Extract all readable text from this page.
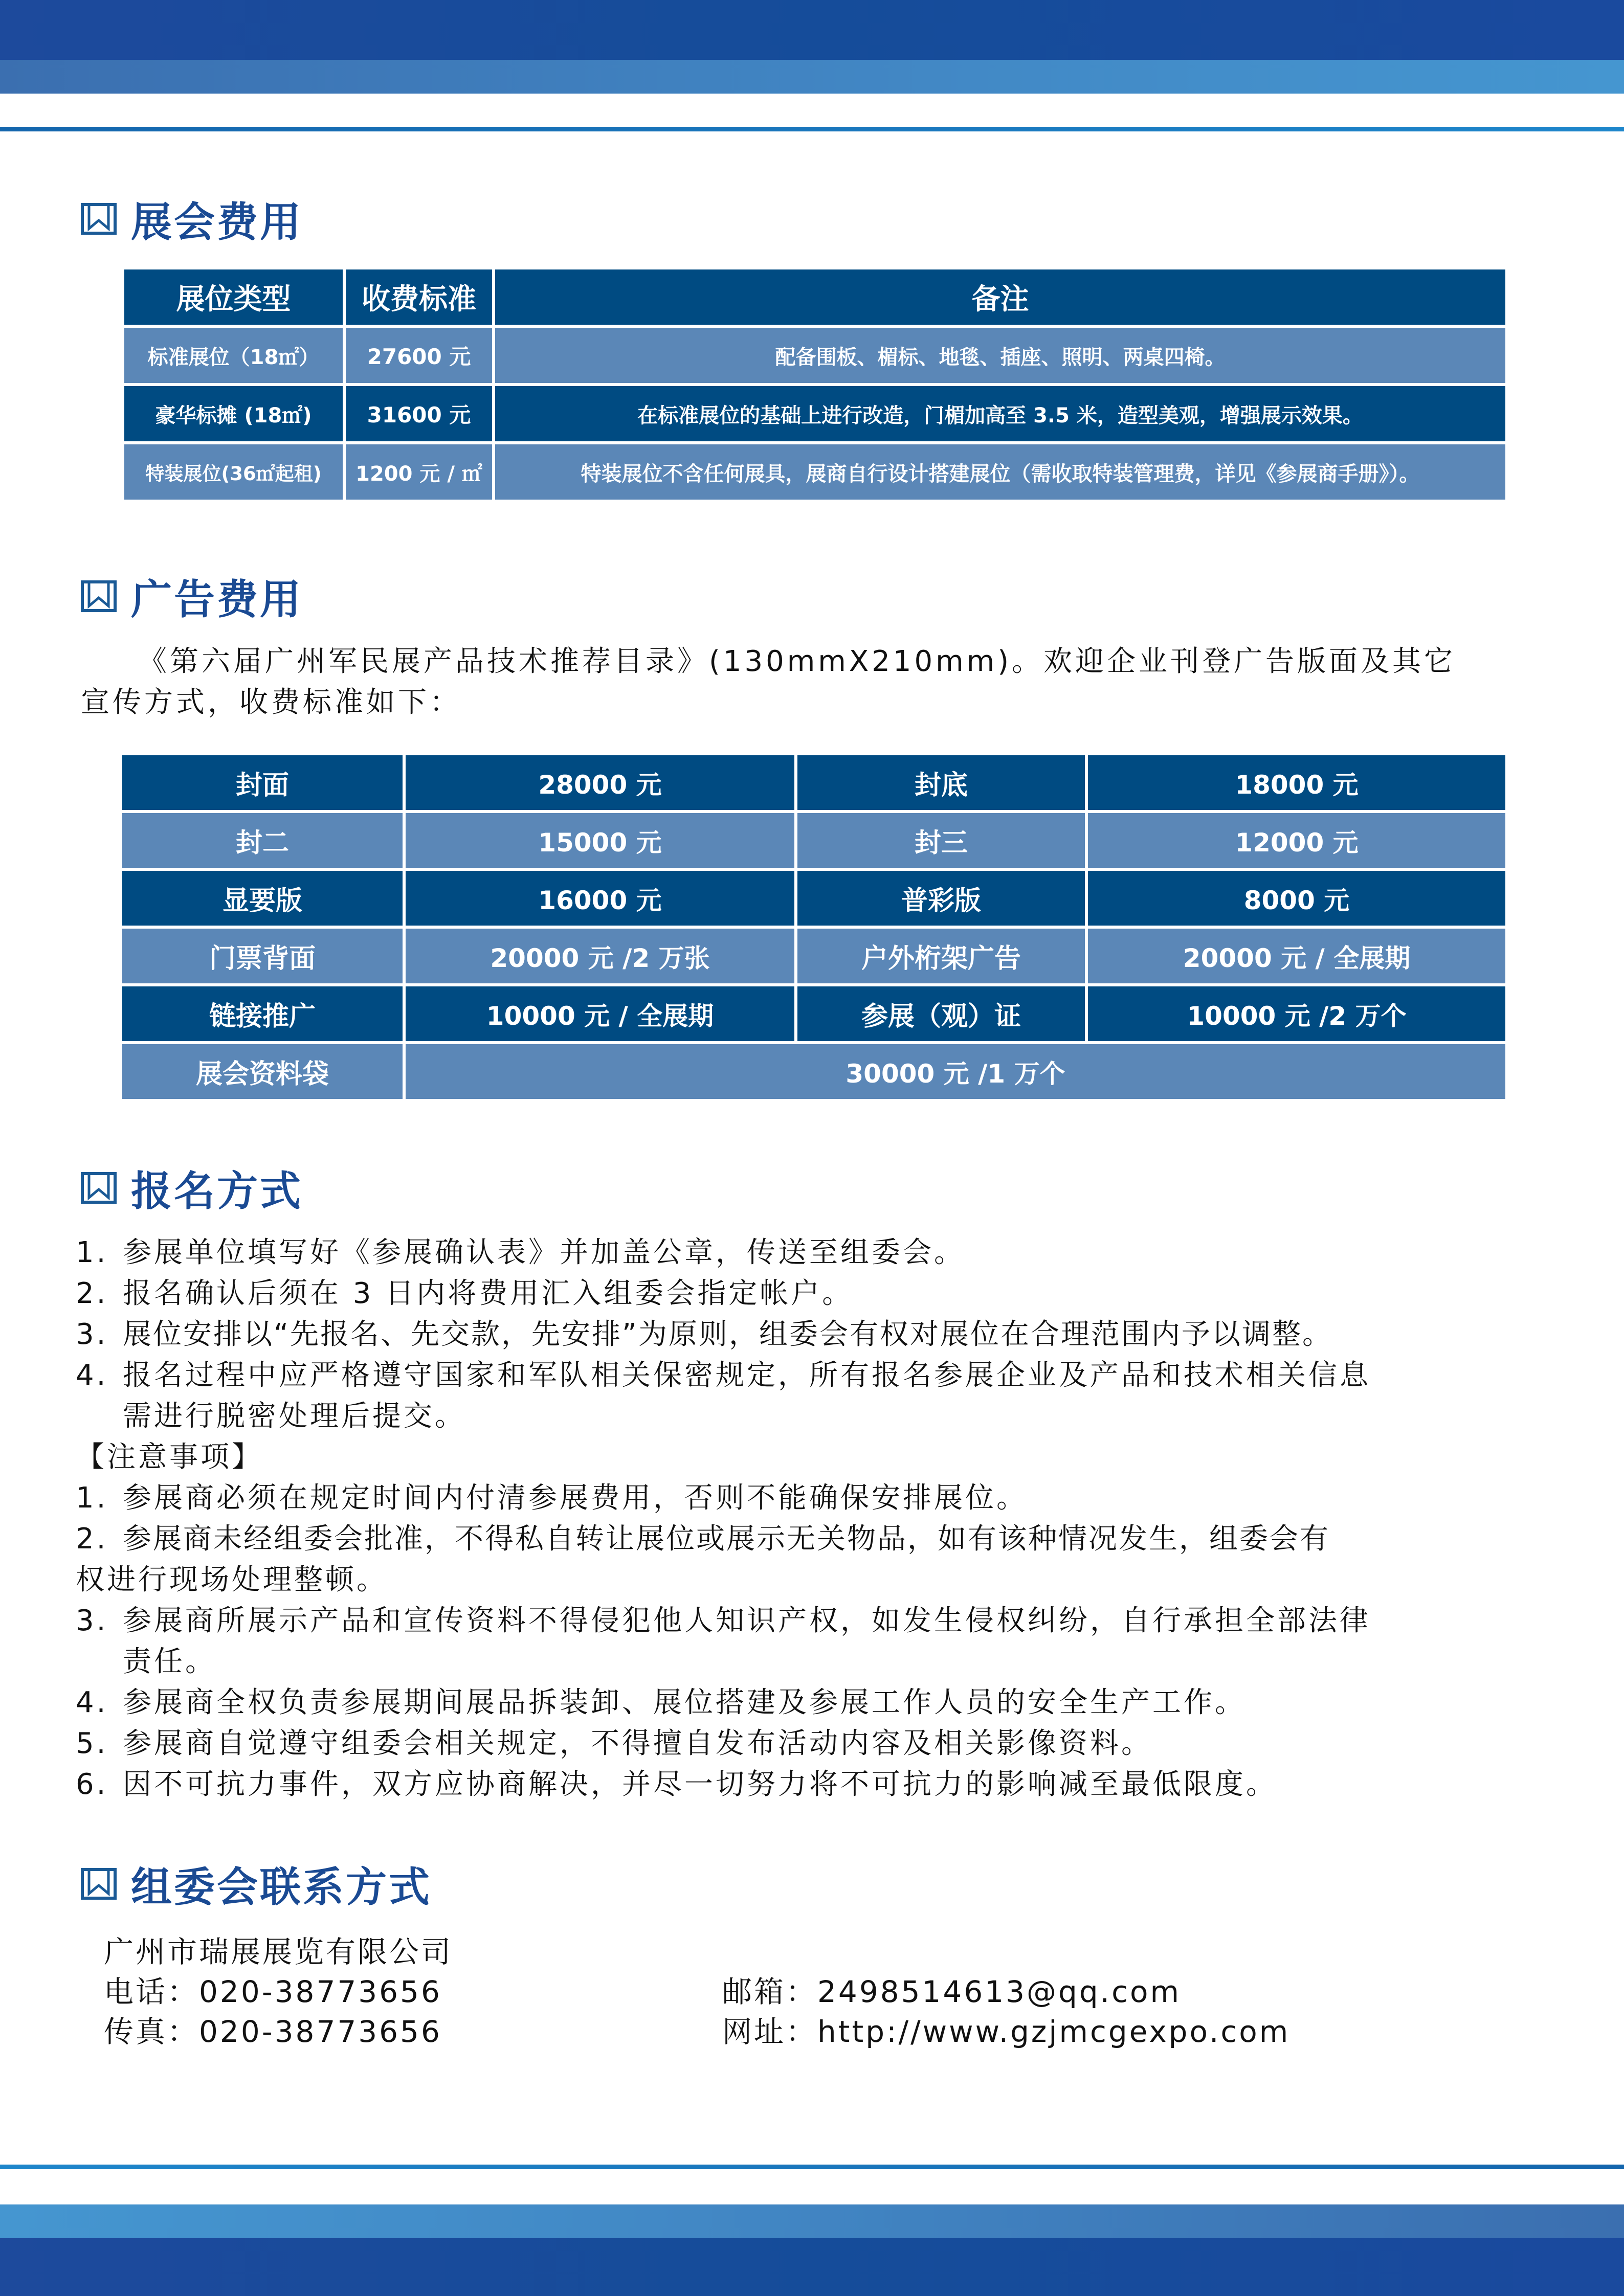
展会费用
展位类型	收费标准	备注
标准展位（18㎡）	27600 元	配备围板、楣标、地毯、插座、照明、两桌四椅。
豪华标摊 (18㎡)	31600 元	在标准展位的基础上进行改造，门楣加高至 3.5 米，造型美观，增强展示效果。
特装展位(36㎡起租)	1200 元 / ㎡	特装展位不含任何展具，展商自行设计搭建展位（需收取特装管理费，详见《参展商手册》）。
广告费用
《第六届广州军民展产品技术推荐目录》(130mmX210mm)。欢迎企业刊登广告版面及其它
宣传方式，收费标准如下：
封面	28000 元	封底	18000 元
封二	15000 元	封三	12000 元
显要版	16000 元	普彩版	8000 元
门票背面	20000 元 /2 万张	户外桁架广告	20000 元 / 全展期
链接推广	10000 元 / 全展期	参展（观）证	10000 元 /2 万个
展会资料袋	30000 元 /1 万个		
报名方式
1. 参展单位填写好《参展确认表》并加盖公章，传送至组委会。
2. 报名确认后须在 3 日内将费用汇入组委会指定帐户。
3. 展位安排以“先报名、先交款，先安排”为原则，组委会有权对展位在合理范围内予以调整。
4. 报名过程中应严格遵守国家和军队相关保密规定，所有报名参展企业及产品和技术相关信息
需进行脱密处理后提交。
【注意事项】
1. 参展商必须在规定时间内付清参展费用，否则不能确保安排展位。
2. 参展商未经组委会批准，不得私自转让展位或展示无关物品，如有该种情况发生，组委会有
权进行现场处理整顿。
3. 参展商所展示产品和宣传资料不得侵犯他人知识产权，如发生侵权纠纷，自行承担全部法律
责任。
4. 参展商全权负责参展期间展品拆装卸、展位搭建及参展工作人员的安全生产工作。
5. 参展商自觉遵守组委会相关规定，不得擅自发布活动内容及相关影像资料。
6. 因不可抗力事件，双方应协商解决，并尽一切努力将不可抗力的影响减至最低限度。
组委会联系方式
广州市瑞展展览有限公司
电话：020-38773656
传真：020-38773656
邮箱：2498514613@qq.com
网址：http://www.gzjmcgexpo.com
